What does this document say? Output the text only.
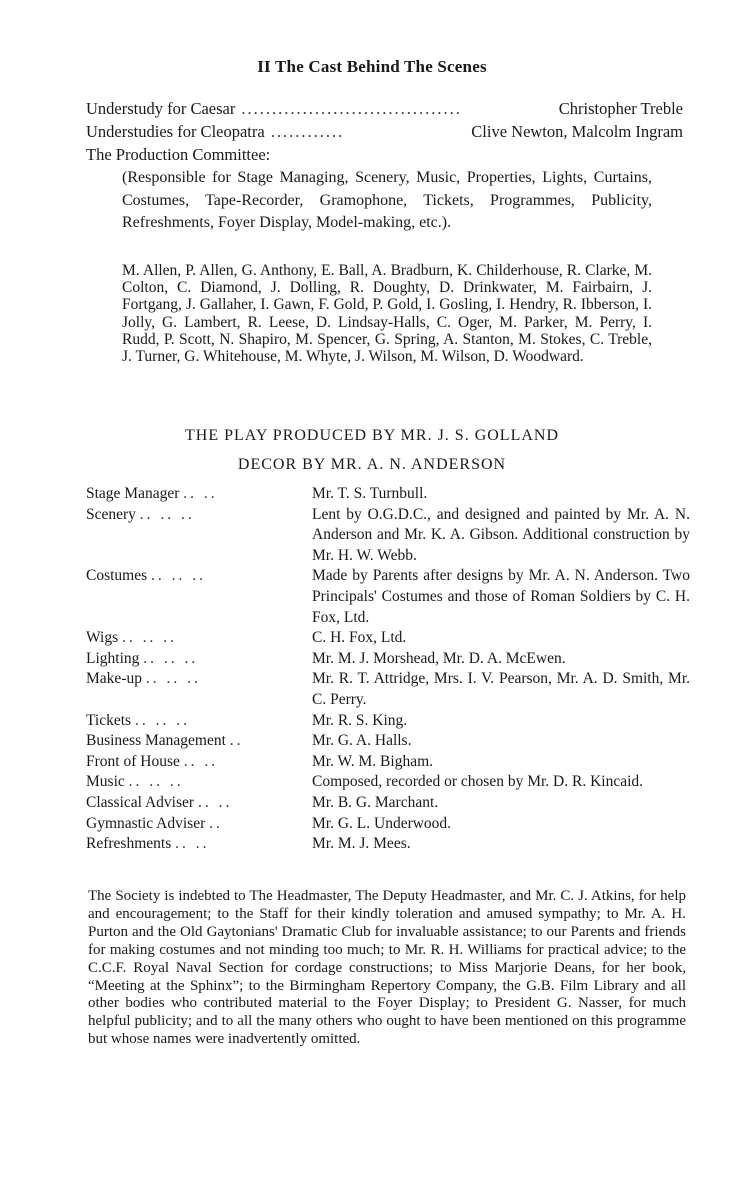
II The Cast Behind The Scenes
Understudy for Caesar ....................................	Christopher Treble
Understudies for Cleopatra ............	Clive Newton, Malcolm Ingram
The Production Committee:
(Responsible for Stage Managing, Scenery, Music, Properties, Lights, Curtains, Costumes, Tape-Recorder, Gramophone, Tickets, Programmes, Publicity, Refreshments, Foyer Display, Model-making, etc.).
M. Allen, P. Allen, G. Anthony, E. Ball, A. Bradburn, K. Childerhouse, R. Clarke, M. Colton, C. Diamond, J. Dolling, R. Doughty, D. Drinkwater, M. Fairbairn, J. Fortgang, J. Gallaher, I. Gawn, F. Gold, P. Gold, I. Gosling, I. Hendry, R. Ibberson, I. Jolly, G. Lambert, R. Leese, D. Lindsay-Halls, C. Oger, M. Parker, M. Perry, I. Rudd, P. Scott, N. Shapiro, M. Spencer, G. Spring, A. Stanton, M. Stokes, C. Treble, J. Turner, G. Whitehouse, M. Whyte, J. Wilson, M. Wilson, D. Woodward.
THE PLAY PRODUCED BY MR. J. S. GOLLAND
DECOR BY MR. A. N. ANDERSON
Stage Manager .. ..	Mr. T. S. Turnbull.
Scenery .. .. ..	Lent by O.G.D.C., and designed and painted by Mr. A. N. Anderson and Mr. K. A. Gibson. Additional construction by Mr. H. W. Webb.
Costumes .. .. ..	Made by Parents after designs by Mr. A. N. Anderson. Two Principals' Costumes and those of Roman Soldiers by C. H. Fox, Ltd.
Wigs .. .. ..	C. H. Fox, Ltd.
Lighting .. .. ..	Mr. M. J. Morshead, Mr. D. A. McEwen.
Make-up .. .. ..	Mr. R. T. Attridge, Mrs. I. V. Pearson, Mr. A. D. Smith, Mr. C. Perry.
Tickets .. .. ..	Mr. R. S. King.
Business Management ..	Mr. G. A. Halls.
Front of House .. ..	Mr. W. M. Bigham.
Music .. .. ..	Composed, recorded or chosen by Mr. D. R. Kincaid.
Classical Adviser .. ..	Mr. B. G. Marchant.
Gymnastic Adviser ..	Mr. G. L. Underwood.
Refreshments .. ..	Mr. M. J. Mees.
The Society is indebted to The Headmaster, The Deputy Headmaster, and Mr. C. J. Atkins, for help and encouragement; to the Staff for their kindly toleration and amused sympathy; to Mr. A. H. Purton and the Old Gaytonians' Dramatic Club for invaluable assistance; to our Parents and friends for making costumes and not minding too much; to Mr. R. H. Williams for practical advice; to the C.C.F. Royal Naval Section for cordage constructions; to Miss Marjorie Deans, for her book, “Meeting at the Sphinx”; to the Birmingham Repertory Company, the G.B. Film Library and all other bodies who contributed material to the Foyer Display; to President G. Nasser, for much helpful publicity; and to all the many others who ought to have been mentioned on this programme but whose names were inadvertently omitted.
